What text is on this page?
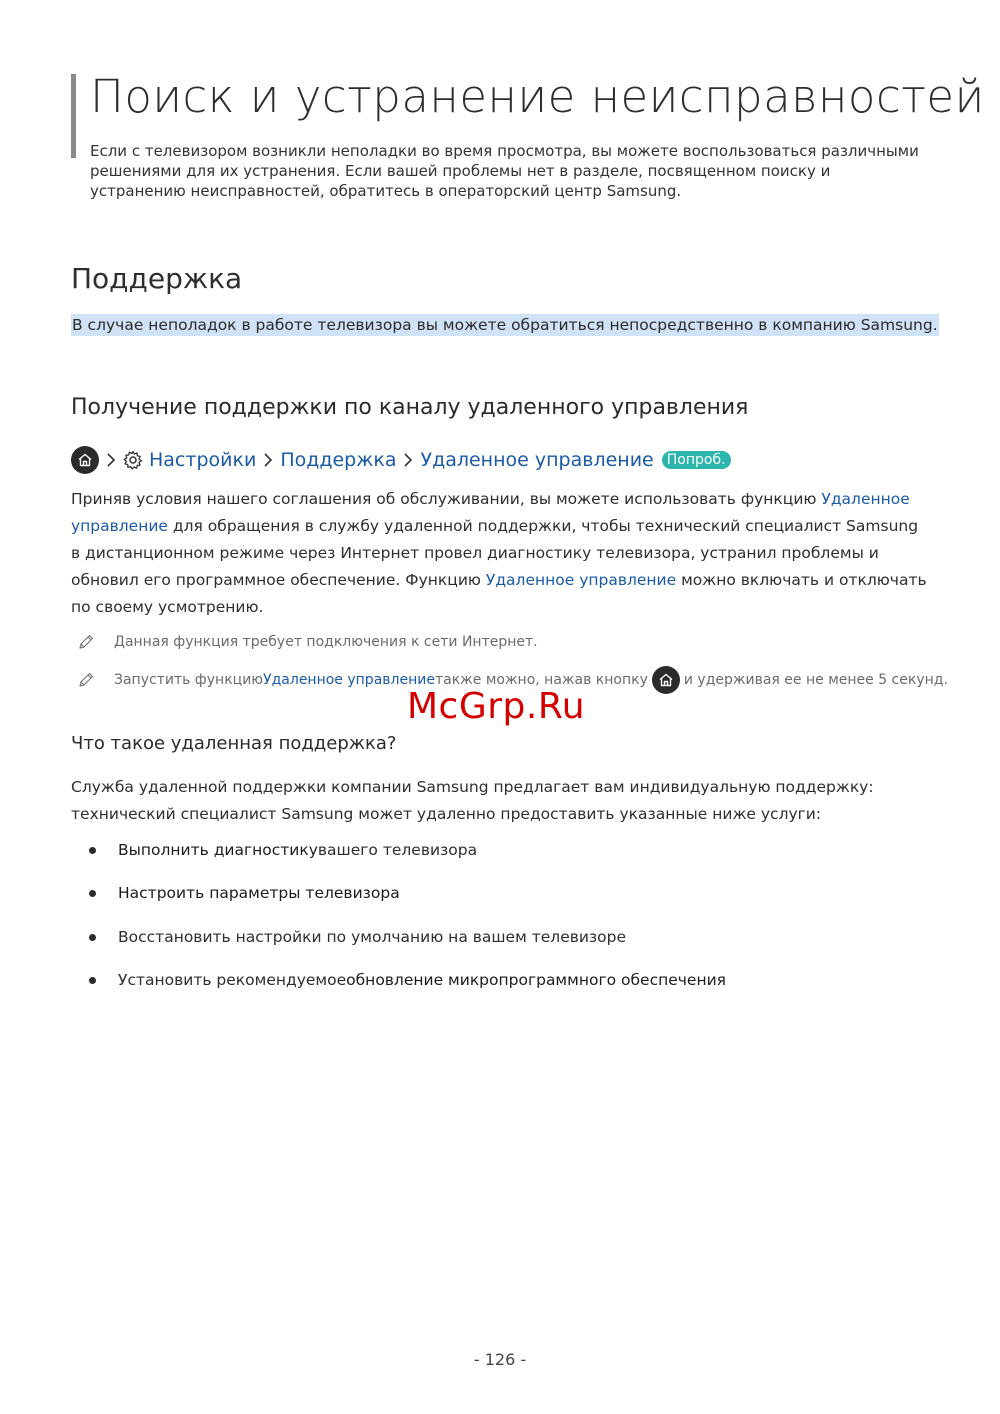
Поиск и устранение неисправностей
Если с телевизором возникли неполадки во время просмотра, вы можете воспользоваться различными решениями для их устранения. Если вашей проблемы нет в разделе, посвященном поиску и устранению неисправностей, обратитесь в операторский центр Samsung.
Поддержка
В случае неполадок в работе телевизора вы можете обратиться непосредственно в компанию Samsung.
Получение поддержки по каналу удаленного управления
Настройки Поддержка Удаленное управление Попроб.
Приняв условия нашего соглашения об обслуживании, вы можете использовать функцию Удаленное управление для обращения в службу удаленной поддержки, чтобы технический специалист Samsung в дистанционном режиме через Интернет провел диагностику телевизора, устранил проблемы и обновил его программное обеспечение. Функцию Удаленное управление можно включать и отключать по своему усмотрению.
Данная функция требует подключения к сети Интернет.
Запустить функцию Удаленное управление также можно, нажав кнопку	и удерживая ее не менее 5 секунд.
McGrp.Ru
Что такое удаленная поддержка?
Служба удаленной поддержки компании Samsung предлагает вам индивидуальную поддержку: технический специалист Samsung может удаленно предоставить указанные ниже услуги:
Выполнить диагностику вашего телевизора
Настроить параметры телевизора
Восстановить настройки по умолчанию на вашем телевизоре
Установить рекомендуемое обновление микропрограммного обеспечения
- 126 -
